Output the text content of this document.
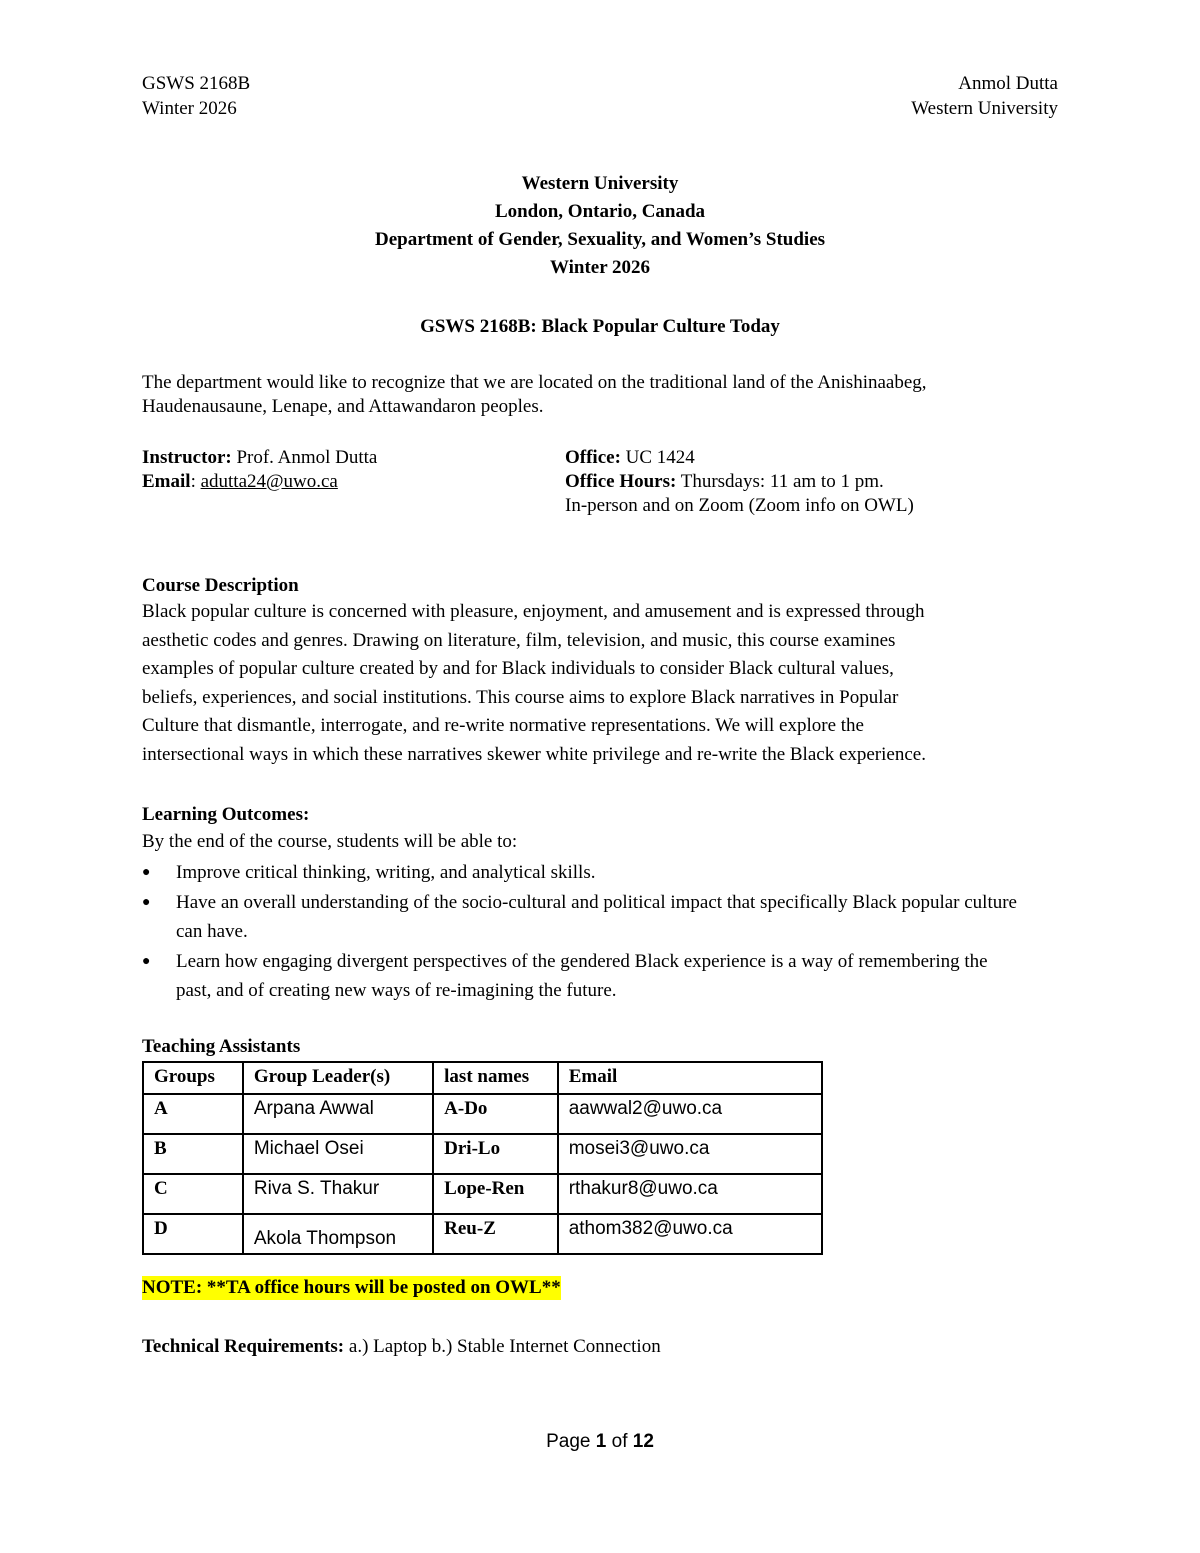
GSWS 2168B
Winter 2026
Anmol Dutta
Western University
Western University
London, Ontario, Canada
Department of Gender, Sexuality, and Women’s Studies
Winter 2026
GSWS 2168B: Black Popular Culture Today
The department would like to recognize that we are located on the traditional land of the Anishinaabeg,
Haudenausaune, Lenape, and Attawandaron peoples.
Instructor: Prof. Anmol Dutta
Email: adutta24@uwo.ca
Office: UC 1424
Office Hours: Thursdays: 11 am to 1 pm.
In-person and on Zoom (Zoom info on OWL)
Course Description
Black popular culture is concerned with pleasure, enjoyment, and amusement and is expressed through
aesthetic codes and genres. Drawing on literature, film, television, and music, this course examines
examples of popular culture created by and for Black individuals to consider Black cultural values,
beliefs, experiences, and social institutions. This course aims to explore Black narratives in Popular
Culture that dismantle, interrogate, and re-write normative representations. We will explore the
intersectional ways in which these narratives skewer white privilege and re-write the Black experience.
Learning Outcomes:
By the end of the course, students will be able to:
● Improve critical thinking, writing, and analytical skills.
● Have an overall understanding of the socio-cultural and political impact that specifically Black popular culture can have.
● Learn how engaging divergent perspectives of the gendered Black experience is a way of remembering the past, and of creating new ways of re-imagining the future.
Teaching Assistants
Groups	Group Leader(s)	last names	Email
A	Arpana Awwal	A-Do	aawwal2@uwo.ca
B	Michael Osei	Dri-Lo	mosei3@uwo.ca
C	Riva S. Thakur	Lope-Ren	rthakur8@uwo.ca
D	Akola Thompson	Reu-Z	athom382@uwo.ca
NOTE: **TA office hours will be posted on OWL**
Technical Requirements: a.) Laptop b.) Stable Internet Connection
Page 1 of 12
